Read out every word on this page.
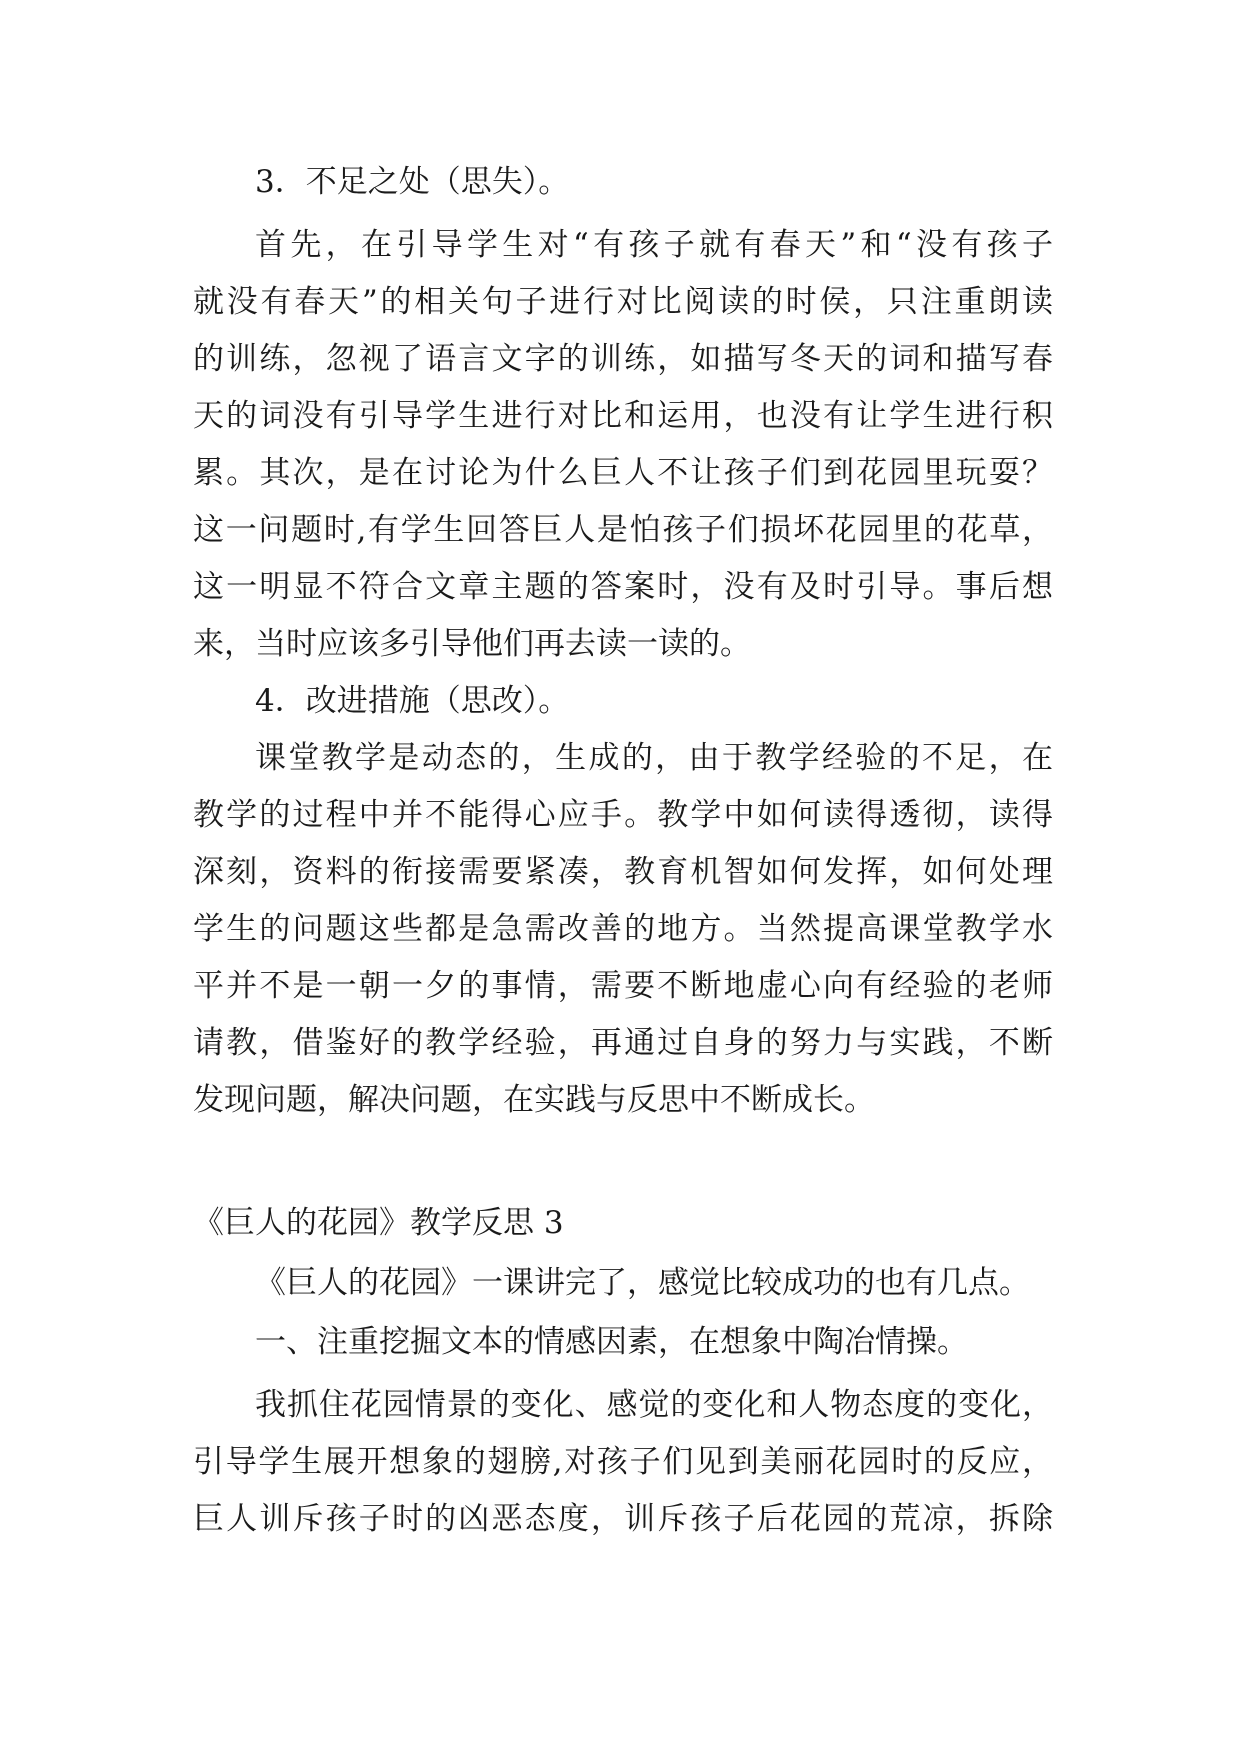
3．不足之处（思失）。
首先，在引导学生对“有孩子就有春天”和“没有孩子
就没有春天”的相关句子进行对比阅读的时侯，只注重朗读
的训练，忽视了语言文字的训练，如描写冬天的词和描写春
天的词没有引导学生进行对比和运用，也没有让学生进行积
累。其次，是在讨论为什么巨人不让孩子们到花园里玩耍？
这一问题时,有学生回答巨人是怕孩子们损坏花园里的花草，
这一明显不符合文章主题的答案时，没有及时引导。事后想
来，当时应该多引导他们再去读一读的。
4．改进措施（思改）。
课堂教学是动态的，生成的，由于教学经验的不足，在
教学的过程中并不能得心应手。教学中如何读得透彻，读得
深刻，资料的衔接需要紧凑，教育机智如何发挥，如何处理
学生的问题这些都是急需改善的地方。当然提高课堂教学水
平并不是一朝一夕的事情，需要不断地虚心向有经验的老师
请教，借鉴好的教学经验，再通过自身的努力与实践，不断
发现问题，解决问题，在实践与反思中不断成长。
《巨人的花园》教学反思 3
《巨人的花园》一课讲完了，感觉比较成功的也有几点。
一、注重挖掘文本的情感因素，在想象中陶冶情操。
我抓住花园情景的变化、感觉的变化和人物态度的变化，
引导学生展开想象的翅膀,对孩子们见到美丽花园时的反应，
巨人训斥孩子时的凶恶态度，训斥孩子后花园的荒凉，拆除
